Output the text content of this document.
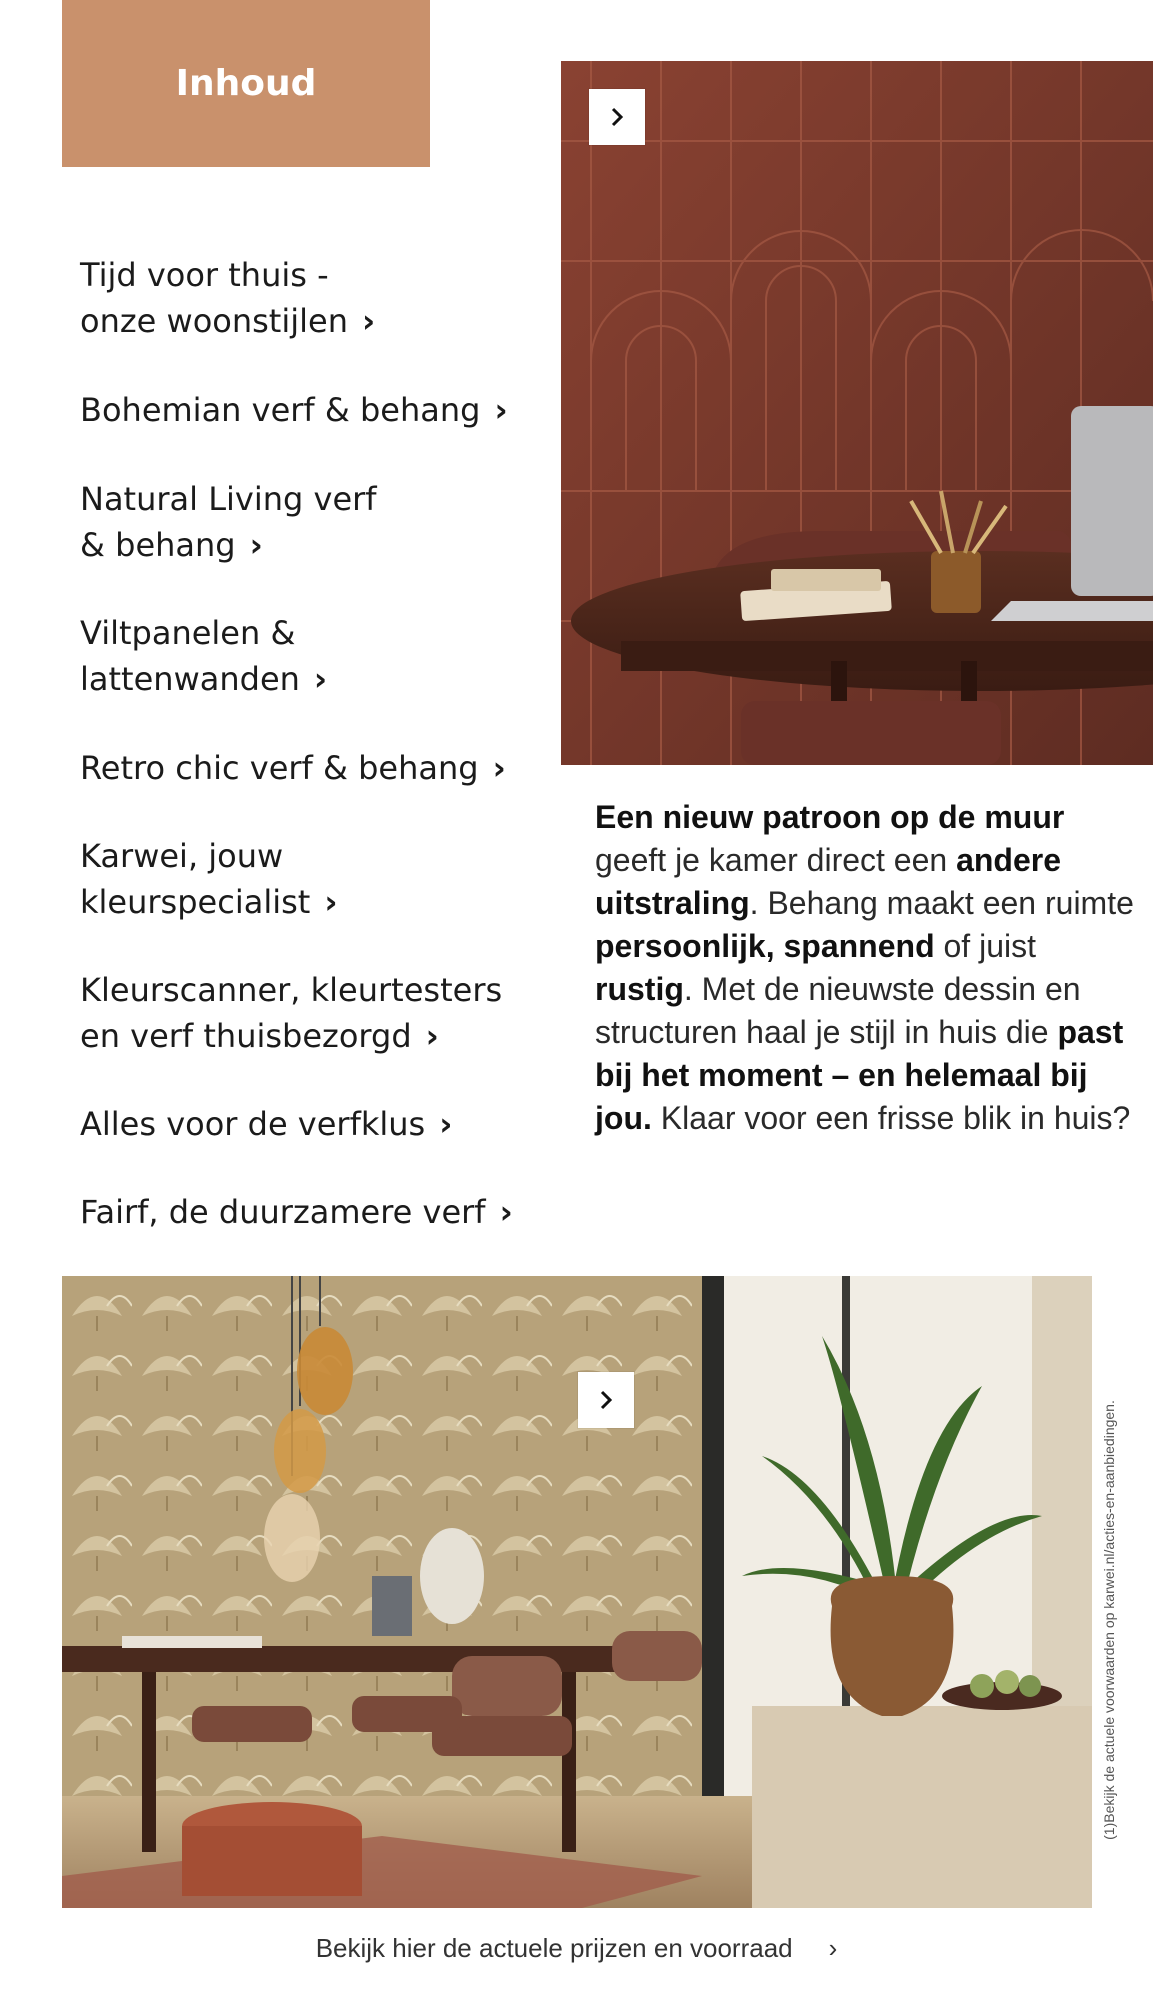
Inhoud
Tijd voor thuis -
onze woonstijlen ›
Bohemian verf & behang ›
Natural Living verf
& behang ›
Viltpanelen &
lattenwanden ›
Retro chic verf & behang ›
Karwei, jouw
kleurspecialist ›
Kleurscanner, kleurtesters
en verf thuisbezorgd ›
Alles voor de verfklus ›
Fairf, de duurzamere verf ›
Een nieuw patroon op de muur geeft je kamer direct een andere uitstraling. Behang maakt een ruimte persoonlijk, spannend of juist rustig. Met de nieuwste dessin en structuren haal je stijl in huis die past bij het moment – en helemaal bij jou. Klaar voor een frisse blik in huis?
(1)Bekijk de actuele voorwaarden op karwei.nl/acties-en-aanbiedingen.
Bekijk hier de actuele prijzen en voorraad ›
